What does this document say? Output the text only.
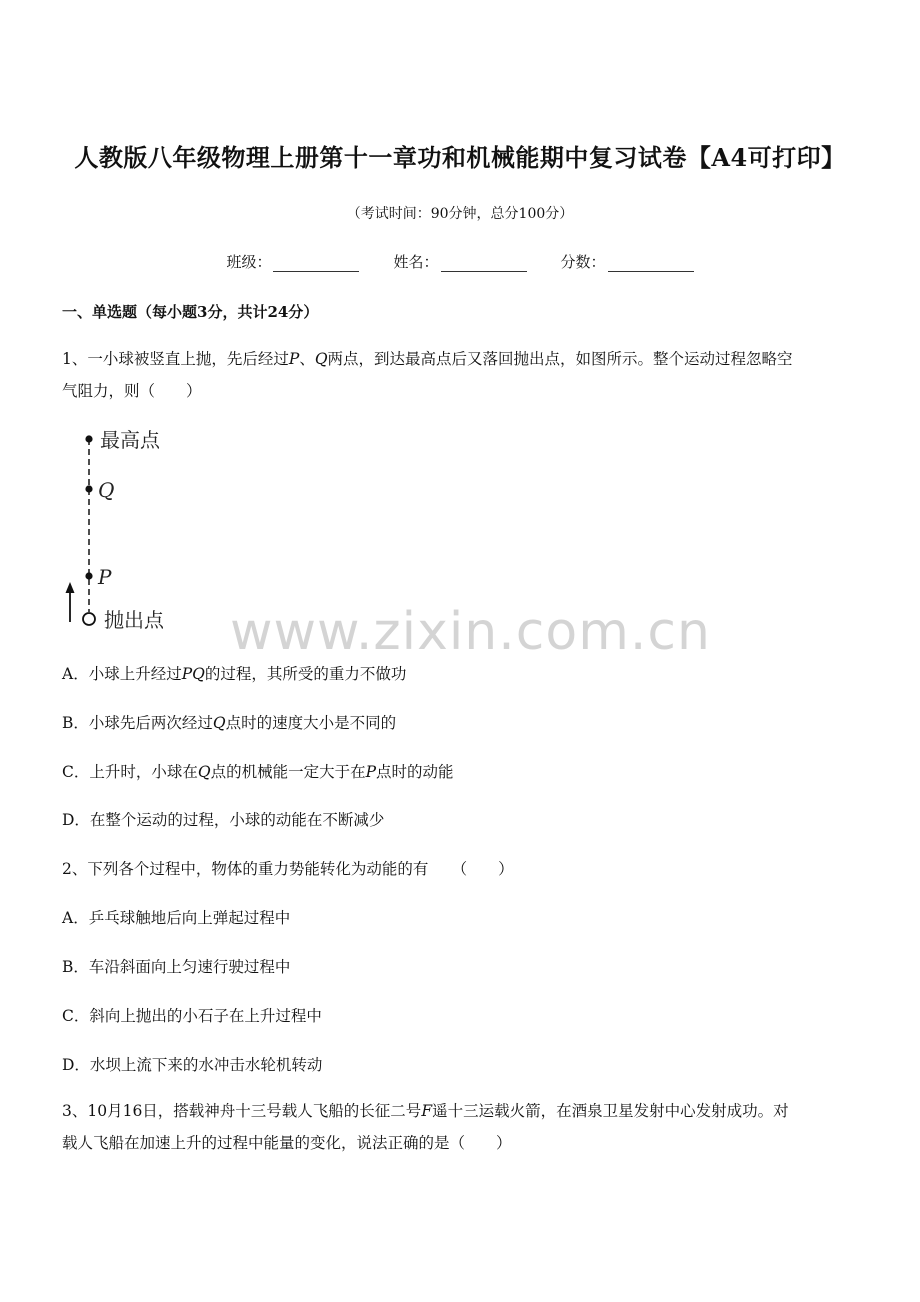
人教版八年级物理上册第十一章功和机械能期中复习试卷【A4可打印】
（考试时间：90分钟，总分100分）
班级：	姓名：	分数：
一、单选题（每小题3分，共计24分）
1、一小球被竖直上抛，先后经过P、Q两点，到达最高点后又落回抛出点，如图所示。整个运动过程忽略空
气阻力，则（　　）
最高点
Q
P
抛出点 www.zixin.com.cn
A．小球上升经过PQ的过程，其所受的重力不做功
B．小球先后两次经过Q点时的速度大小是不同的
C．上升时，小球在Q点的机械能一定大于在P点时的动能
D．在整个运动的过程，小球的动能在不断减少
2、下列各个过程中，物体的重力势能转化为动能的有　　（　　）
A．乒乓球触地后向上弹起过程中
B．车沿斜面向上匀速行驶过程中
C．斜向上抛出的小石子在上升过程中
D．水坝上流下来的水冲击水轮机转动
3、10月16日，搭载神舟十三号载人飞船的长征二号F遥十三运载火箭，在酒泉卫星发射中心发射成功。对
载人飞船在加速上升的过程中能量的变化，说法正确的是（　　）
